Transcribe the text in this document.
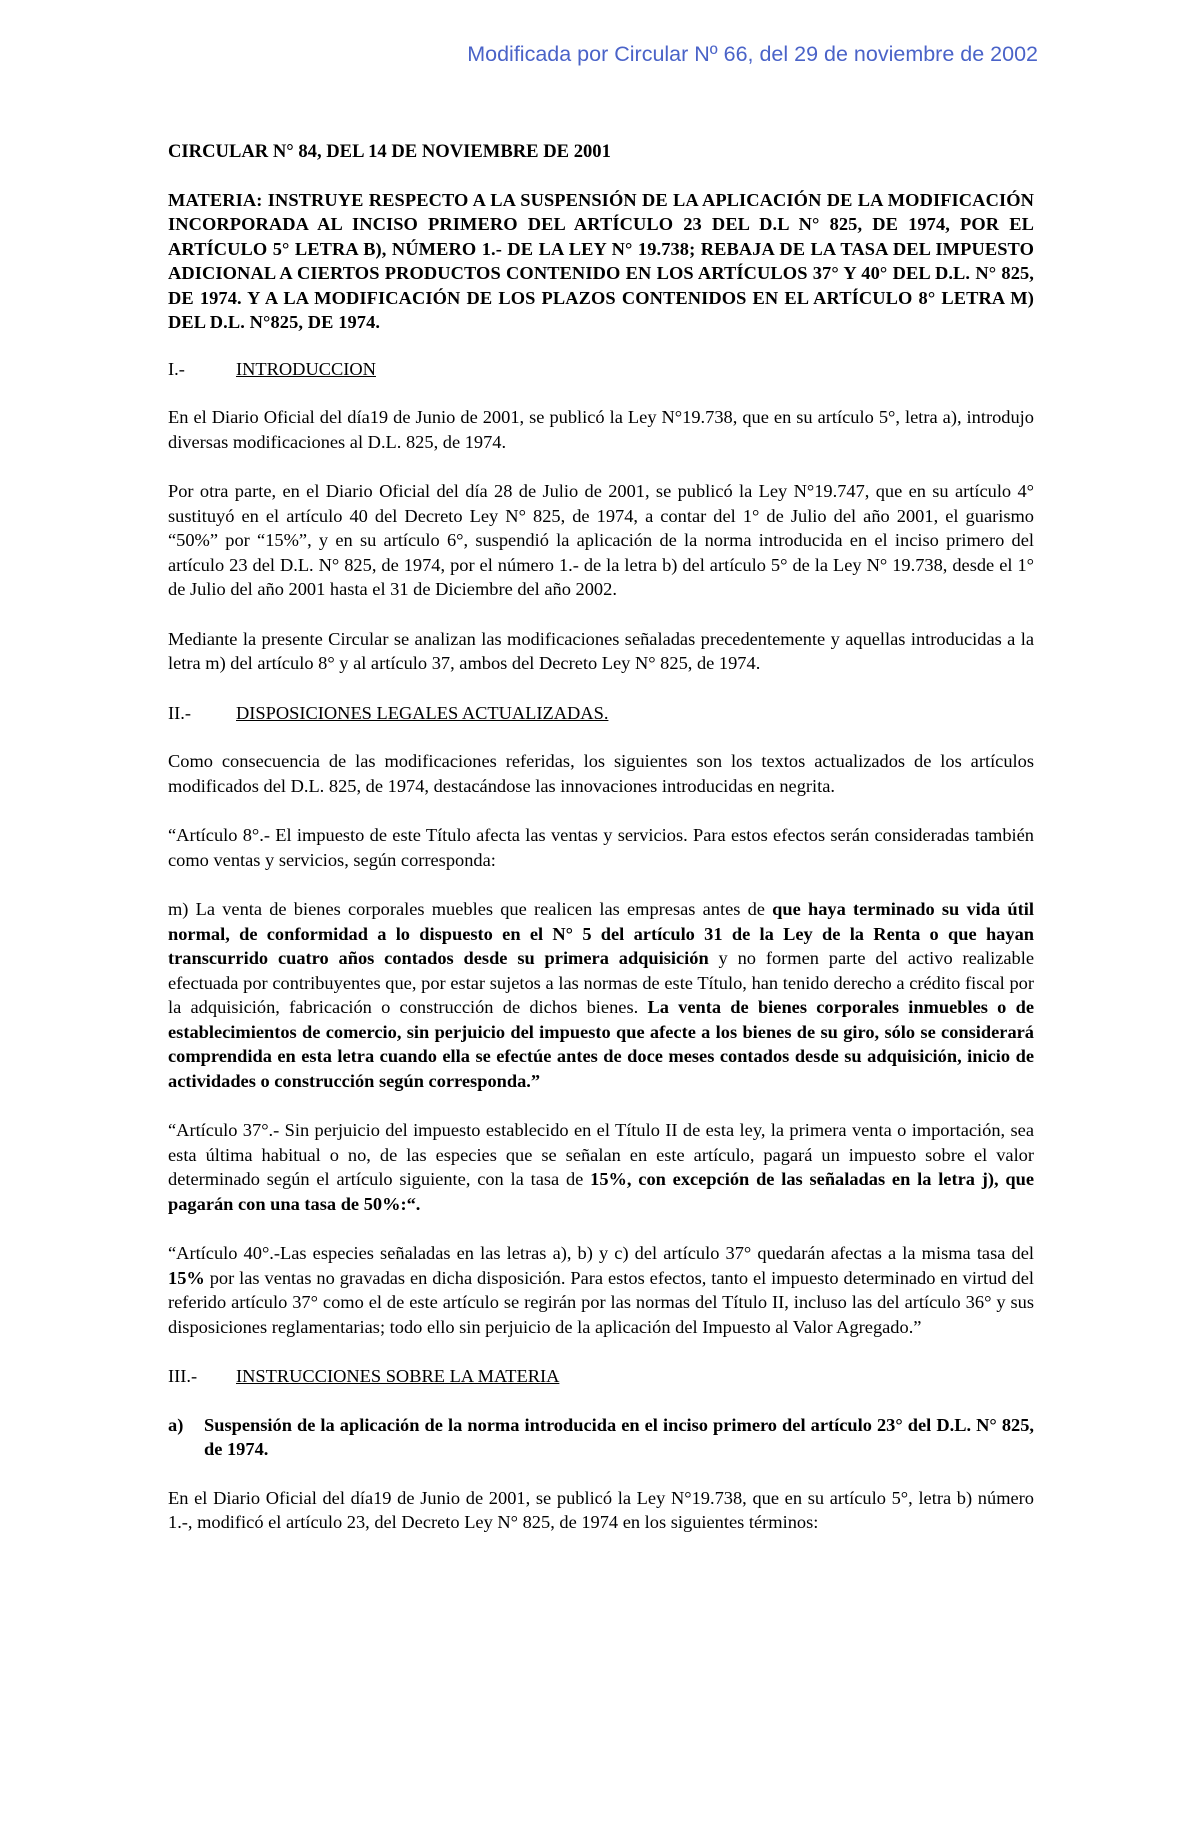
Modificada por Circular Nº 66, del 29 de noviembre de 2002
CIRCULAR N° 84, DEL 14 DE NOVIEMBRE DE 2001
MATERIA: INSTRUYE RESPECTO A LA SUSPENSIÓN DE LA APLICACIÓN DE LA MODIFICACIÓN INCORPORADA AL INCISO PRIMERO DEL ARTÍCULO 23 DEL D.L N° 825, DE 1974, POR EL ARTÍCULO 5° LETRA B), NÚMERO 1.- DE LA LEY N° 19.738; REBAJA DE LA TASA DEL IMPUESTO ADICIONAL A CIERTOS PRODUCTOS CONTENIDO EN LOS ARTÍCULOS 37° Y 40° DEL D.L. N° 825, DE 1974. Y A LA MODIFICACIÓN DE LOS PLAZOS CONTENIDOS EN EL ARTÍCULO 8° LETRA M) DEL D.L. N°825, DE 1974.
I.-	INTRODUCCION

En el Diario Oficial del día19 de Junio de 2001, se publicó la Ley N°19.738, que en su artículo 5°, letra a), introdujo diversas modificaciones al D.L. 825, de 1974.

Por otra parte, en el Diario Oficial del día 28 de Julio de 2001, se publicó la Ley N°19.747, que en su artículo 4° sustituyó en el artículo 40 del Decreto Ley N° 825, de 1974, a contar del 1° de Julio del año 2001, el guarismo “50%” por “15%”, y en su artículo 6°, suspendió la aplicación de la norma introducida en el inciso primero del artículo 23 del D.L. N° 825, de 1974, por el número 1.- de la letra b) del artículo 5° de la Ley N° 19.738, desde el 1° de Julio del año 2001 hasta el 31 de Diciembre del año 2002.

Mediante la presente Circular se analizan las modificaciones señaladas precedentemente y aquellas introducidas a la letra m) del artículo 8° y al artículo 37, ambos del Decreto Ley N° 825, de 1974.

II.-	DISPOSICIONES LEGALES ACTUALIZADAS.

Como consecuencia de las modificaciones referidas, los siguientes son los textos actualizados de los artículos modificados del D.L. 825, de 1974, destacándose las innovaciones introducidas en negrita.

“Artículo 8°.- El impuesto de este Título afecta las ventas y servicios. Para estos efectos serán consideradas también como ventas y servicios, según corresponda:

m) La venta de bienes corporales muebles que realicen las empresas antes de que haya terminado su vida útil normal, de conformidad a lo dispuesto en el N° 5 del artículo 31 de la Ley de la Renta o que hayan transcurrido cuatro años contados desde su primera adquisición y no formen parte del activo realizable efectuada por contribuyentes que, por estar sujetos a las normas de este Título, han tenido derecho a crédito fiscal por la adquisición, fabricación o construcción de dichos bienes. La venta de bienes corporales inmuebles o de establecimientos de comercio, sin perjuicio del impuesto que afecte a los bienes de su giro, sólo se considerará comprendida en esta letra cuando ella se efectúe antes de doce meses contados desde su adquisición, inicio de actividades o construcción según corresponda.”

“Artículo 37°.- Sin perjuicio del impuesto establecido en el Título II de esta ley, la primera venta o importación, sea esta última habitual o no, de las especies que se señalan en este artículo, pagará un impuesto sobre el valor determinado según el artículo siguiente, con la tasa de 15%, con excepción de las señaladas en la letra j), que pagarán con una tasa de 50%:“.

“Artículo 40°.-Las especies señaladas en las letras a), b) y c) del artículo 37° quedarán afectas a la misma tasa del 15% por las ventas no gravadas en dicha disposición. Para estos efectos, tanto el impuesto determinado en virtud del referido artículo 37° como el de este artículo se regirán por las normas del Título II, incluso las del artículo 36° y sus disposiciones reglamentarias; todo ello sin perjuicio de la aplicación del Impuesto al Valor Agregado.”

III.-	INSTRUCCIONES SOBRE LA MATERIA
a)	Suspensión de la aplicación de la norma introducida en el inciso primero del artículo 23° del D.L. N° 825, de 1974.

En el Diario Oficial del día19 de Junio de 2001, se publicó la Ley N°19.738, que en su artículo 5°, letra b) número 1.-, modificó el artículo 23, del Decreto Ley N° 825, de 1974 en los siguientes términos:
